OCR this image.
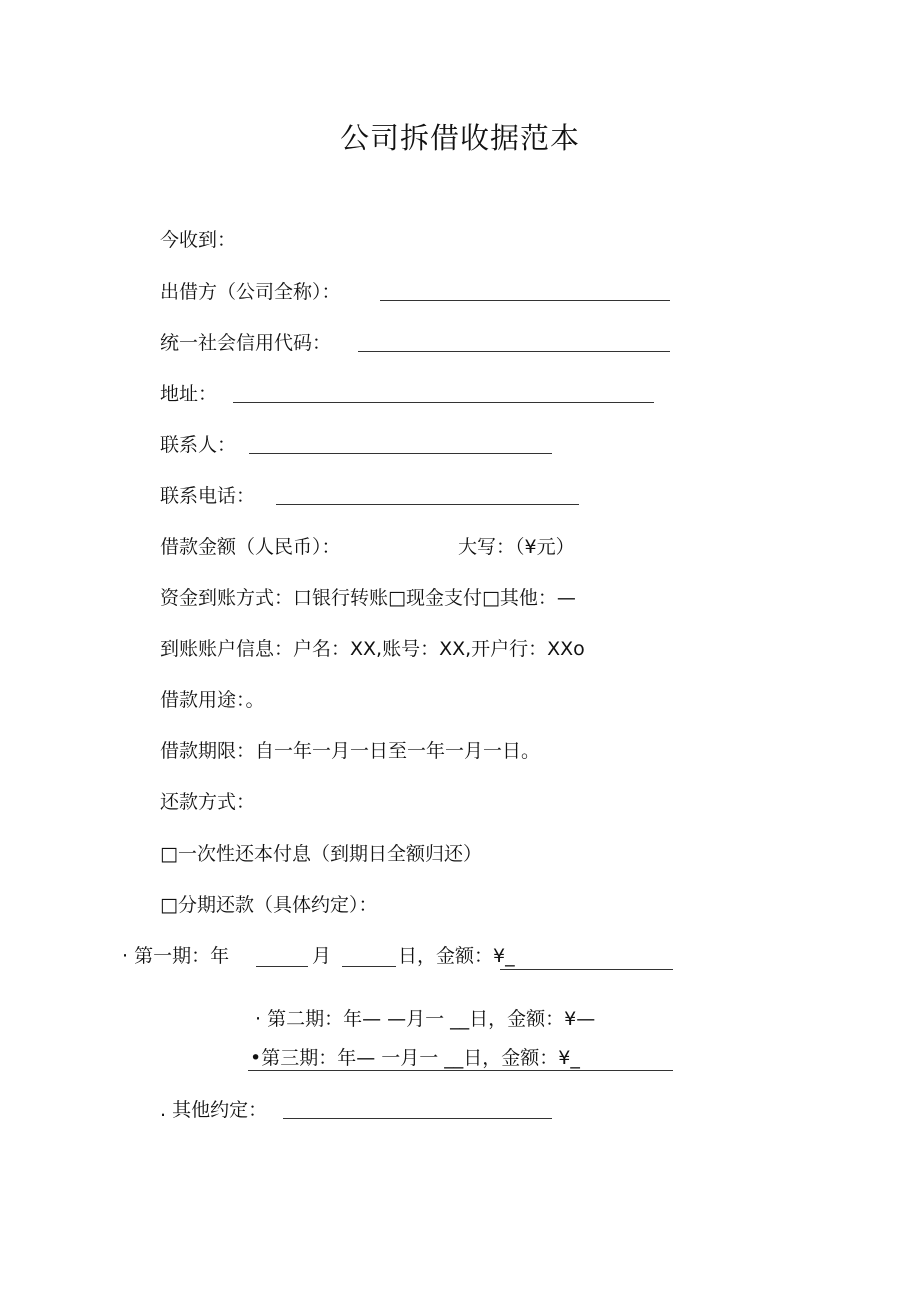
公司拆借收据范本
今收到：
出借方（公司全称）：
统一社会信用代码：
地址：
联系人：
联系电话：
借款金额（人民币）：	大写：（¥元）
资金到账方式：口银行转账□现金支付□其他：—
到账账户信息：户名：XX,账号：XX,开户行：XXo
借款用途：。
借款期限：自一年一月一日至一年一月一日。
还款方式：
□一次性还本付息（到期日全额归还）
□分期还款（具体约定）：
· 第一期：年	月	日，金额：¥_
· 第二期：年— —月一 __日，金额：¥—
•第三期：年— 一月一 __日，金额：¥_
. 其他约定：
